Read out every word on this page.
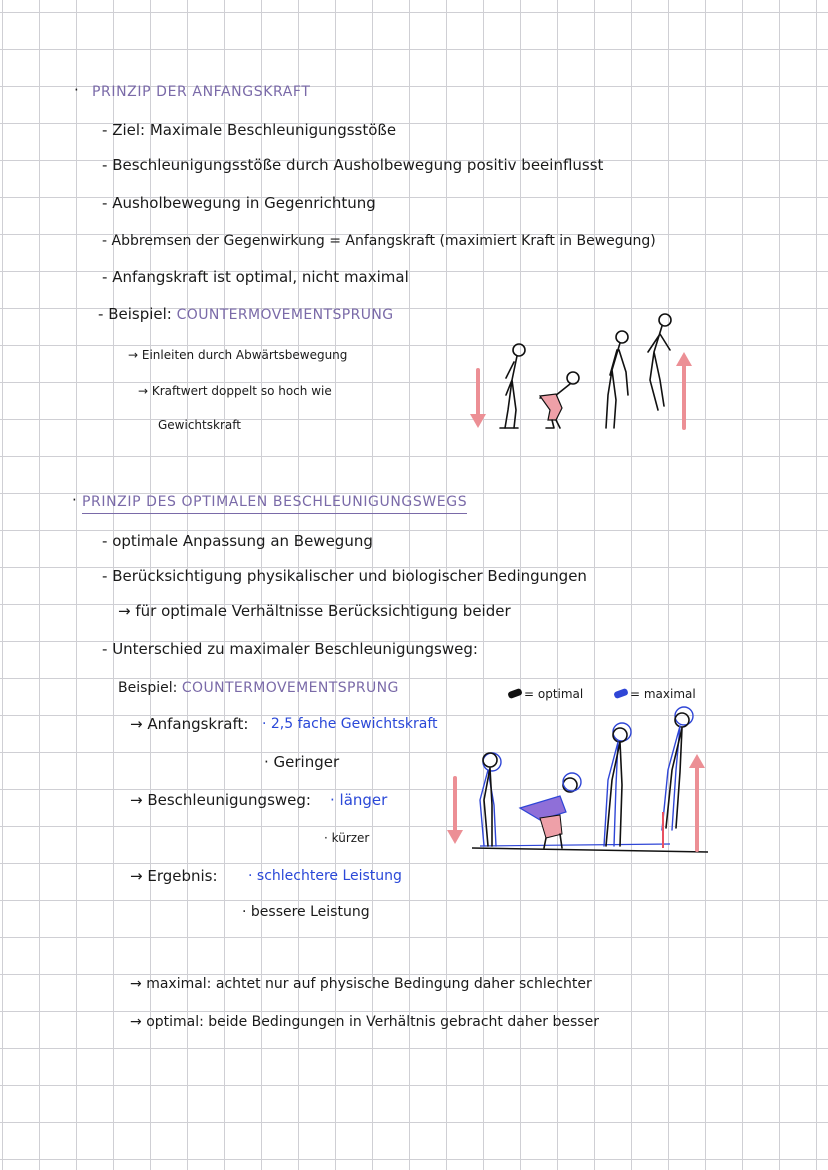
· PRINZIP DER ANFANGSKRAFT
- Ziel: Maximale Beschleunigungsstöße
- Beschleunigungsstöße durch Ausholbewegung positiv beeinflusst
- Ausholbewegung in Gegenrichtung
- Abbremsen der Gegenwirkung = Anfangskraft (maximiert Kraft in Bewegung)
- Anfangskraft ist optimal, nicht maximal
- Beispiel: COUNTERMOVEMENTSPRUNG
→ Einleiten durch Abwärtsbewegung
→ Kraftwert doppelt so hoch wie
Gewichtskraft
· PRINZIP DES OPTIMALEN BESCHLEUNIGUNGSWEGS
- optimale Anpassung an Bewegung
- Berücksichtigung physikalischer und biologischer Bedingungen
→ für optimale Verhältnisse Berücksichtigung beider
- Unterschied zu maximaler Beschleunigungsweg:
Beispiel: COUNTERMOVEMENTSPRUNG	= optimal	= maximal
→ Anfangskraft: · 2,5 fache Gewichtskraft
· Geringer
→ Beschleunigungsweg: · länger
· kürzer
→ Ergebnis: · schlechtere Leistung
· bessere Leistung
→ maximal: achtet nur auf physische Bedingung daher schlechter
→ optimal: beide Bedingungen in Verhältnis gebracht daher besser
